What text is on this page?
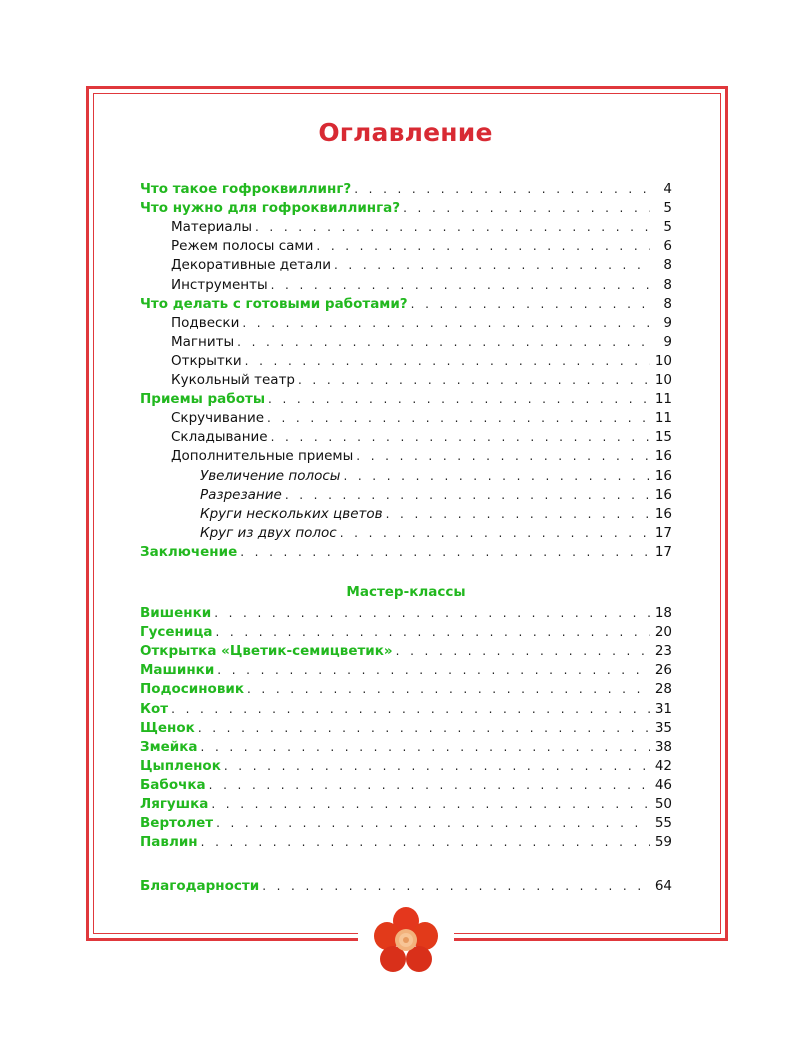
Оглавление
Что такое гофроквиллинг? . . .	4
Что нужно для гофроквиллинга? . . .	5
Материалы . . .	5
Режем полосы сами . . .	6
Декоративные детали . . .	8
Инструменты . . .	8
Что делать с готовыми работами? . . .	8
Подвески . . .	9
Магниты . . .	9
Открытки . . .	10
Кукольный театр . . .	10
Приемы работы . . .	11
Скручивание . . .	11
Складывание . . .	15
Дополнительные приемы . . .	16
Увеличение полосы . . .	16
Разрезание . . .	16
Круги нескольких цветов . . .	16
Круг из двух полос . . .	17
Заключение . . .	17
Мастер-классы
Вишенки . . .	18
Гусеница . . .	20
Открытка «Цветик-семицветик» . . .	23
Машинки . . .	26
Подосиновик . . .	28
Кот . . .	31
Щенок . . .	35
Змейка . . .	38
Цыпленок . . .	42
Бабочка . . .	46
Лягушка . . .	50
Вертолет . . .	55
Павлин . . .	59
Благодарности . . .	64
